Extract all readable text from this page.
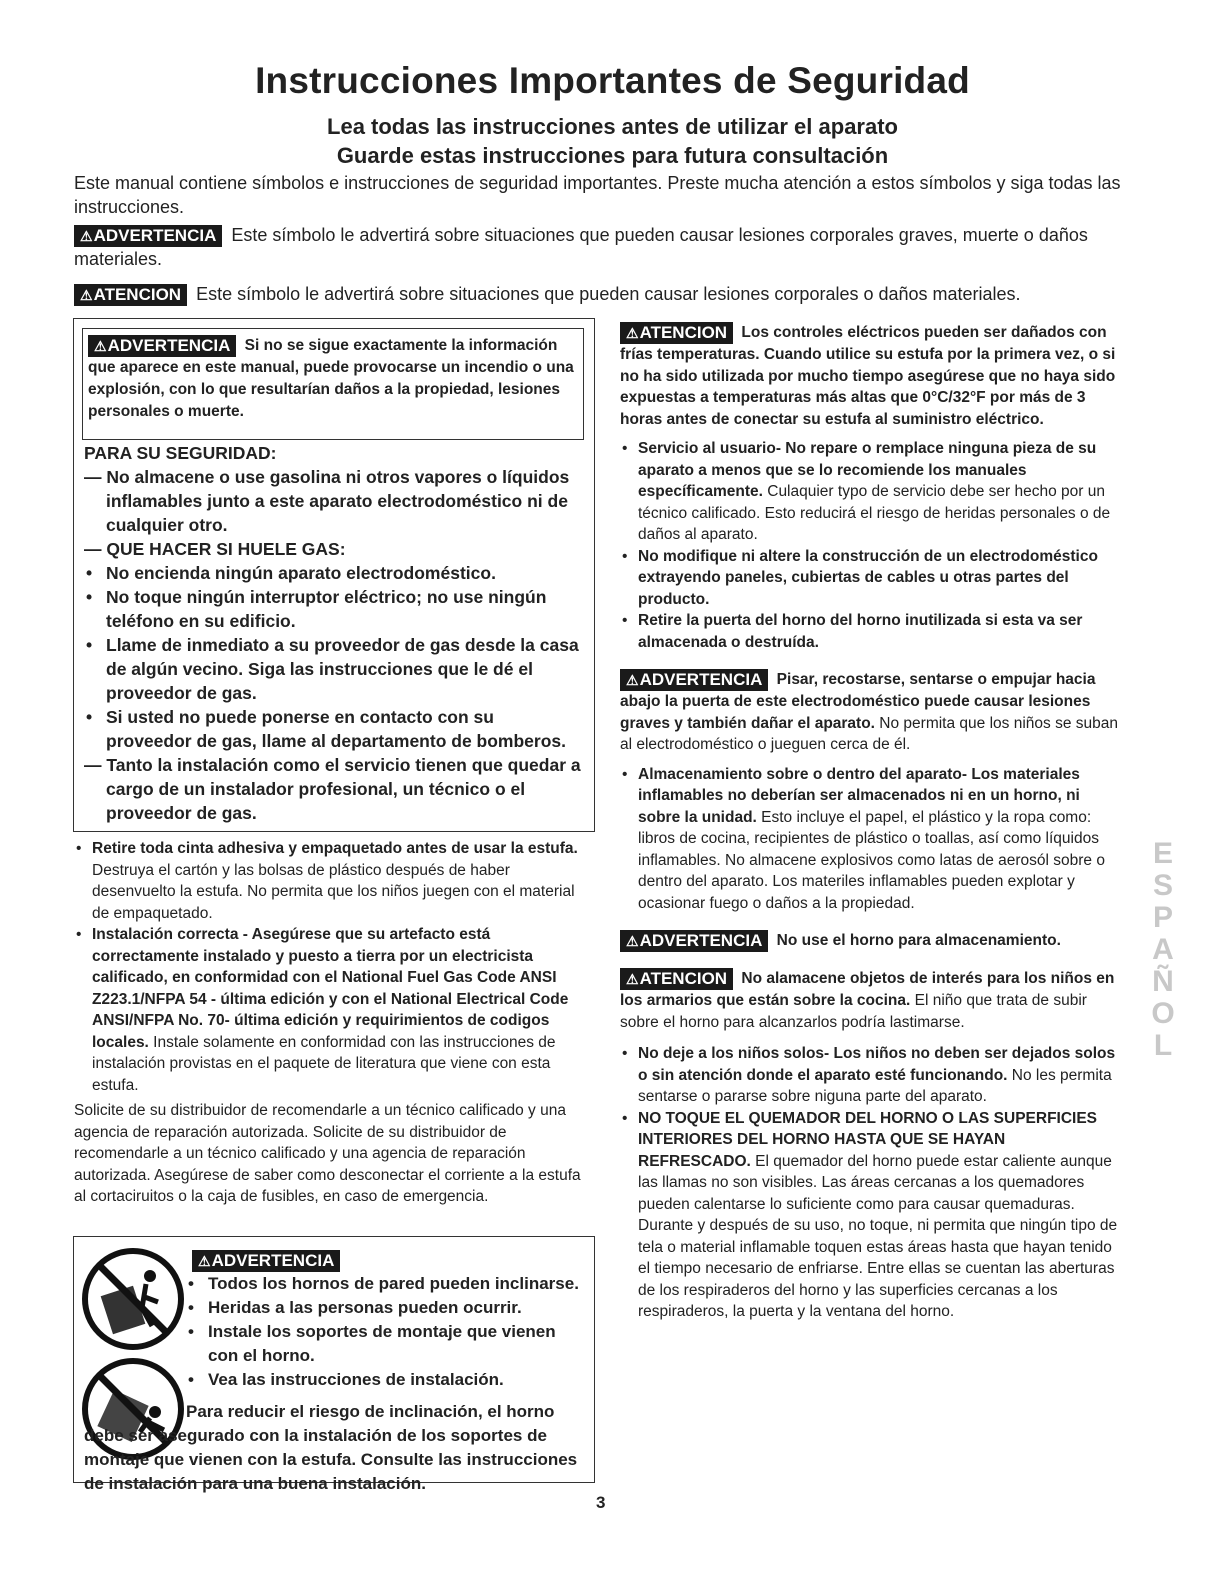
Instrucciones Importantes de Seguridad

Lea todas las instrucciones antes de utilizar el aparato

Guarde estas instrucciones para futura consultación

Este manual contiene símbolos e instrucciones de seguridad importantes. Preste mucha atención a estos símbolos y siga todas las instrucciones.

⚠ADVERTENCIA Este símbolo le advertirá sobre situaciones que pueden causar lesiones corporales graves, muerte o daños materiales.

⚠ATENCION Este símbolo le advertirá sobre situaciones que pueden causar lesiones corporales o daños materiales.

⚠ADVERTENCIA Si no se sigue exactamente la información que aparece en este manual, puede provocarse un incendio o una explosión, con lo que resultarían daños a la propiedad, lesiones personales o muerte.
PARA SU SEGURIDAD:
— No almacene o use gasolina ni otros vapores o líquidos inflamables junto a este aparato electrodoméstico ni de cualquier otro.
— QUE HACER SI HUELE GAS:
• No encienda ningún aparato electrodoméstico.
• No toque ningún interruptor eléctrico; no use ningún teléfono en su edificio.
• Llame de inmediato a su proveedor de gas desde la casa de algún vecino. Siga las instrucciones que le dé el proveedor de gas.
• Si usted no puede ponerse en contacto con su proveedor de gas, llame al departamento de bomberos.
— Tanto la instalación como el servicio tienen que quedar a cargo de un instalador profesional, un técnico o el proveedor de gas.
• Retire toda cinta adhesiva y empaquetado antes de usar la estufa. Destruya el cartón y las bolsas de plástico después de haber desenvuelto la estufa. No permita que los niños juegen con el material de empaquetado.
• Instalación correcta - Asegúrese que su artefacto está correctamente instalado y puesto a tierra por un electricista calificado, en conformidad con el National Fuel Gas Code ANSI Z223.1/NFPA 54 - última edición y con el National Electrical Code ANSI/NFPA No. 70- última edición y requirimientos de codigos locales. Instale solamente en conformidad con las instrucciones de instalación provistas en el paquete de literatura que viene con esta estufa.

Solicite de su distribuidor de recomendarle a un técnico calificado y una agencia de reparación autorizada. Solicite de su distribuidor de recomendarle a un técnico calificado y una agencia de reparación autorizada. Asegúrese de saber como desconectar el corriente a la estufa al cortaciruitos o la caja de fusibles, en caso de emergencia.

⚠ADVERTENCIA
• Todos los hornos de pared pueden inclinarse.
• Heridas a las personas pueden ocurrir.
• Instale los soportes de montaje que vienen con el horno.
• Vea las instrucciones de instalación.
Para reducir el riesgo de inclinación, el horno debe ser asegurado con la instalación de los soportes de montaje que vienen con la estufa. Consulte las instrucciones de instalación para una buena instalación.

⚠ATENCION Los controles eléctricos pueden ser dañados con frías temperaturas. Cuando utilice su estufa por la primera vez, o si no ha sido utilizada por mucho tiempo asegúrese que no haya sido expuestas a temperaturas más altas que 0°C/32°F por más de 3 horas antes de conectar su estufa al suministro eléctrico.

• Servicio al usuario- No repare o remplace ninguna pieza de su aparato a menos que se lo recomiende los manuales específicamente. Culaquier typo de servicio debe ser hecho por un técnico calificado. Esto reducirá el riesgo de heridas personales o de daños al aparato.
• No modifique ni altere la construcción de un electrodoméstico extrayendo paneles, cubiertas de cables u otras partes del producto.
• Retire la puerta del horno del horno inutilizada si esta va ser almacenada o destruída.

⚠ADVERTENCIA Pisar, recostarse, sentarse o empujar hacia abajo la puerta de este electrodoméstico puede causar lesiones graves y también dañar el aparato. No permita que los niños se suban al electrodoméstico o jueguen cerca de él.

• Almacenamiento sobre o dentro del aparato- Los materiales inflamables no deberían ser almacenados ni en un horno, ni sobre la unidad. Esto incluye el papel, el plástico y la ropa como: libros de cocina, recipientes de plástico o toallas, así como líquidos inflamables. No almacene explosivos como latas de aerosól sobre o dentro del aparato. Los materiles inflamables pueden explotar y ocasionar fuego o daños a la propiedad.

⚠ADVERTENCIA No use el horno para almacenamiento.

⚠ATENCION No alamacene objetos de interés para los niños en los armarios que están sobre la cocina. El niño que trata de subir sobre el horno para alcanzarlos podría lastimarse.

• No deje a los niños solos- Los niños no deben ser dejados solos o sin atención donde el aparato esté funcionando. No les permita sentarse o pararse sobre niguna parte del aparato.
• NO TOQUE EL QUEMADOR DEL HORNO O LAS SUPERFICIES INTERIORES DEL HORNO HASTA QUE SE HAYAN REFRESCADO. El quemador del horno puede estar caliente aunque las llamas no son visibles. Las áreas cercanas a los quemadores pueden calentarse lo suficiente como para causar quemaduras. Durante y después de su uso, no toque, ni permita que ningún tipo de tela o material inflamable toquen estas áreas hasta que hayan tenido el tiempo necesario de enfriarse. Entre ellas se cuentan las aberturas de los respiraderos del horno y las superficies cercanas a los respiraderos, la puerta y la ventana del horno.
ESPAÑOL
3
